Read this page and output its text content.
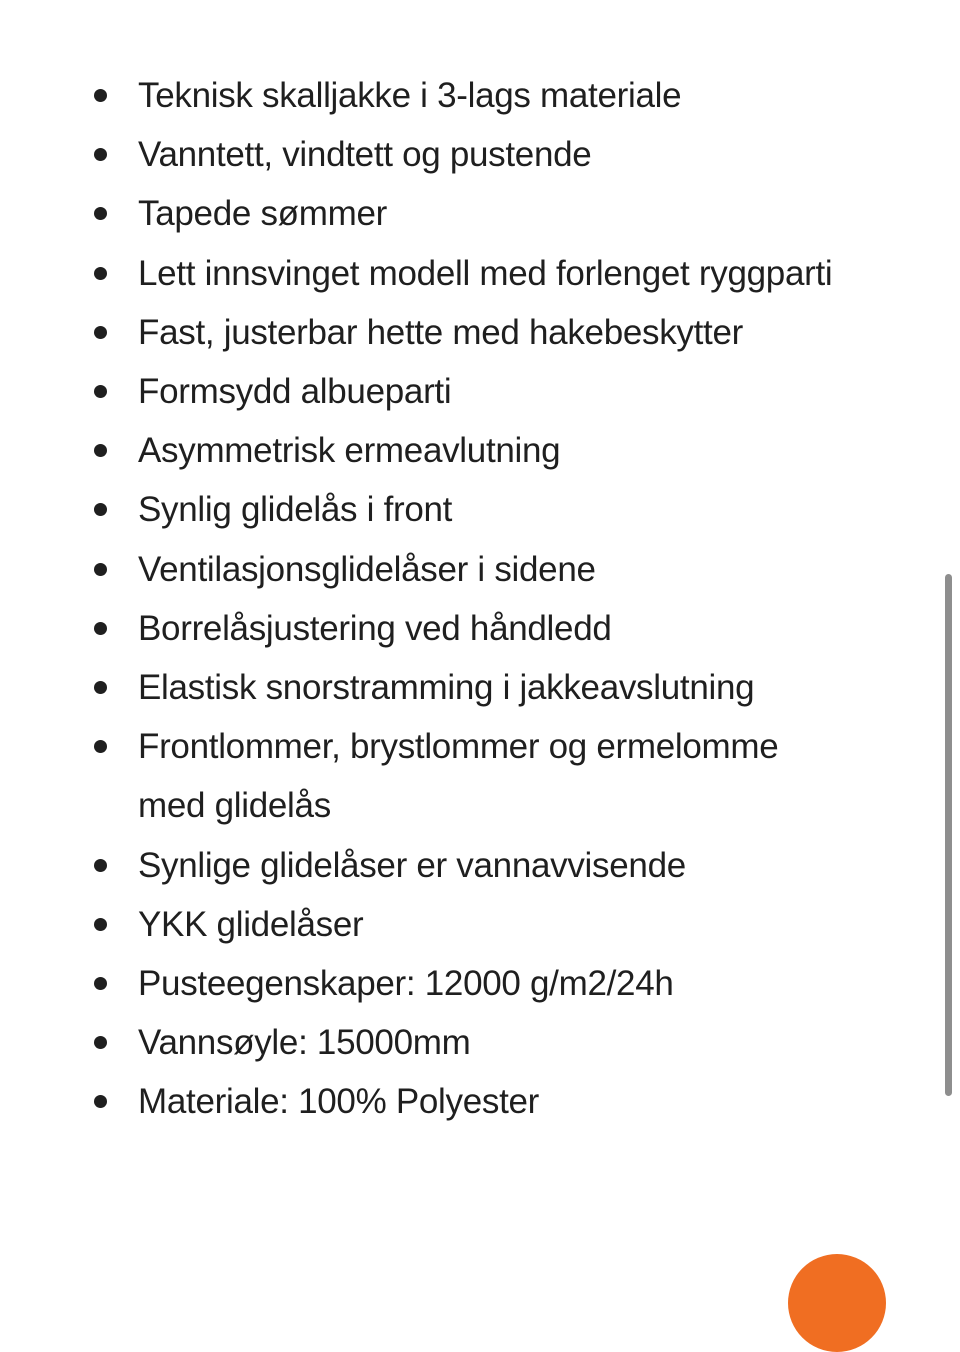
Teknisk skalljakke i 3-lags materiale
Vanntett, vindtett og pustende
Tapede sømmer
Lett innsvinget modell med forlenget ryggparti
Fast, justerbar hette med hakebeskytter
Formsydd albueparti
Asymmetrisk ermeavlutning
Synlig glidelås i front
Ventilasjonsglidelåser i sidene
Borrelåsjustering ved håndledd
Elastisk snorstramming i jakkeavslutning
Frontlommer, brystlommer og ermelomme med glidelås
Synlige glidelåser er vannavvisende
YKK glidelåser
Pusteegenskaper: 12000 g/m2/24h
Vannsøyle: 15000mm
Materiale: 100% Polyester
